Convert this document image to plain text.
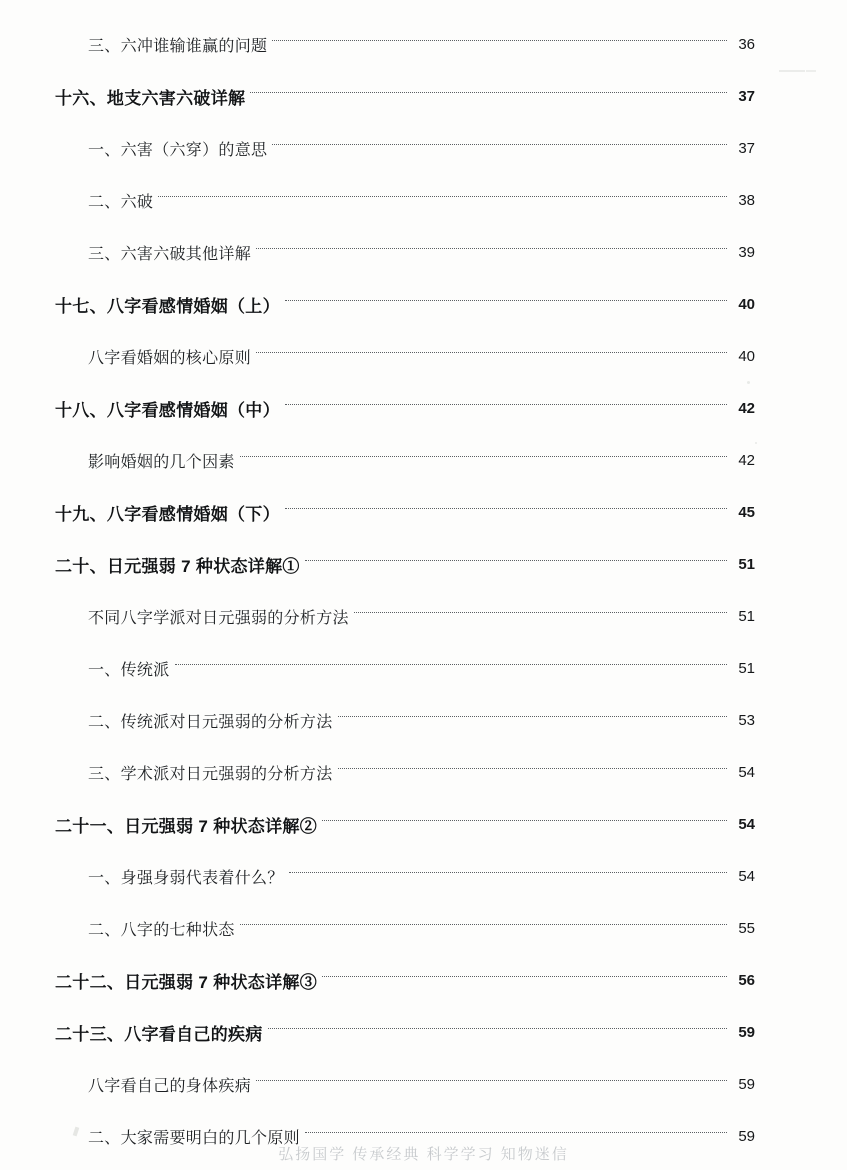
三、六冲谁输谁赢的问题	36
十六、地支六害六破详解	37
一、六害（六穿）的意思	37
二、六破	38
三、六害六破其他详解	39
十七、八字看感情婚姻（上）	40
八字看婚姻的核心原则	40
十八、八字看感情婚姻（中）	42
影响婚姻的几个因素	42
十九、八字看感情婚姻（下）	45
二十、日元强弱 7 种状态详解①	51
不同八字学派对日元强弱的分析方法	51
一、传统派	51
二、传统派对日元强弱的分析方法	53
三、学术派对日元强弱的分析方法	54
二十一、日元强弱 7 种状态详解②	54
一、身强身弱代表着什么？	54
二、八字的七种状态	55
二十二、日元强弱 7 种状态详解③	56
二十三、八字看自己的疾病	59
八字看自己的身体疾病	59
二、大家需要明白的几个原则	59
弘扬国学 传承经典 科学学习 知物迷信
